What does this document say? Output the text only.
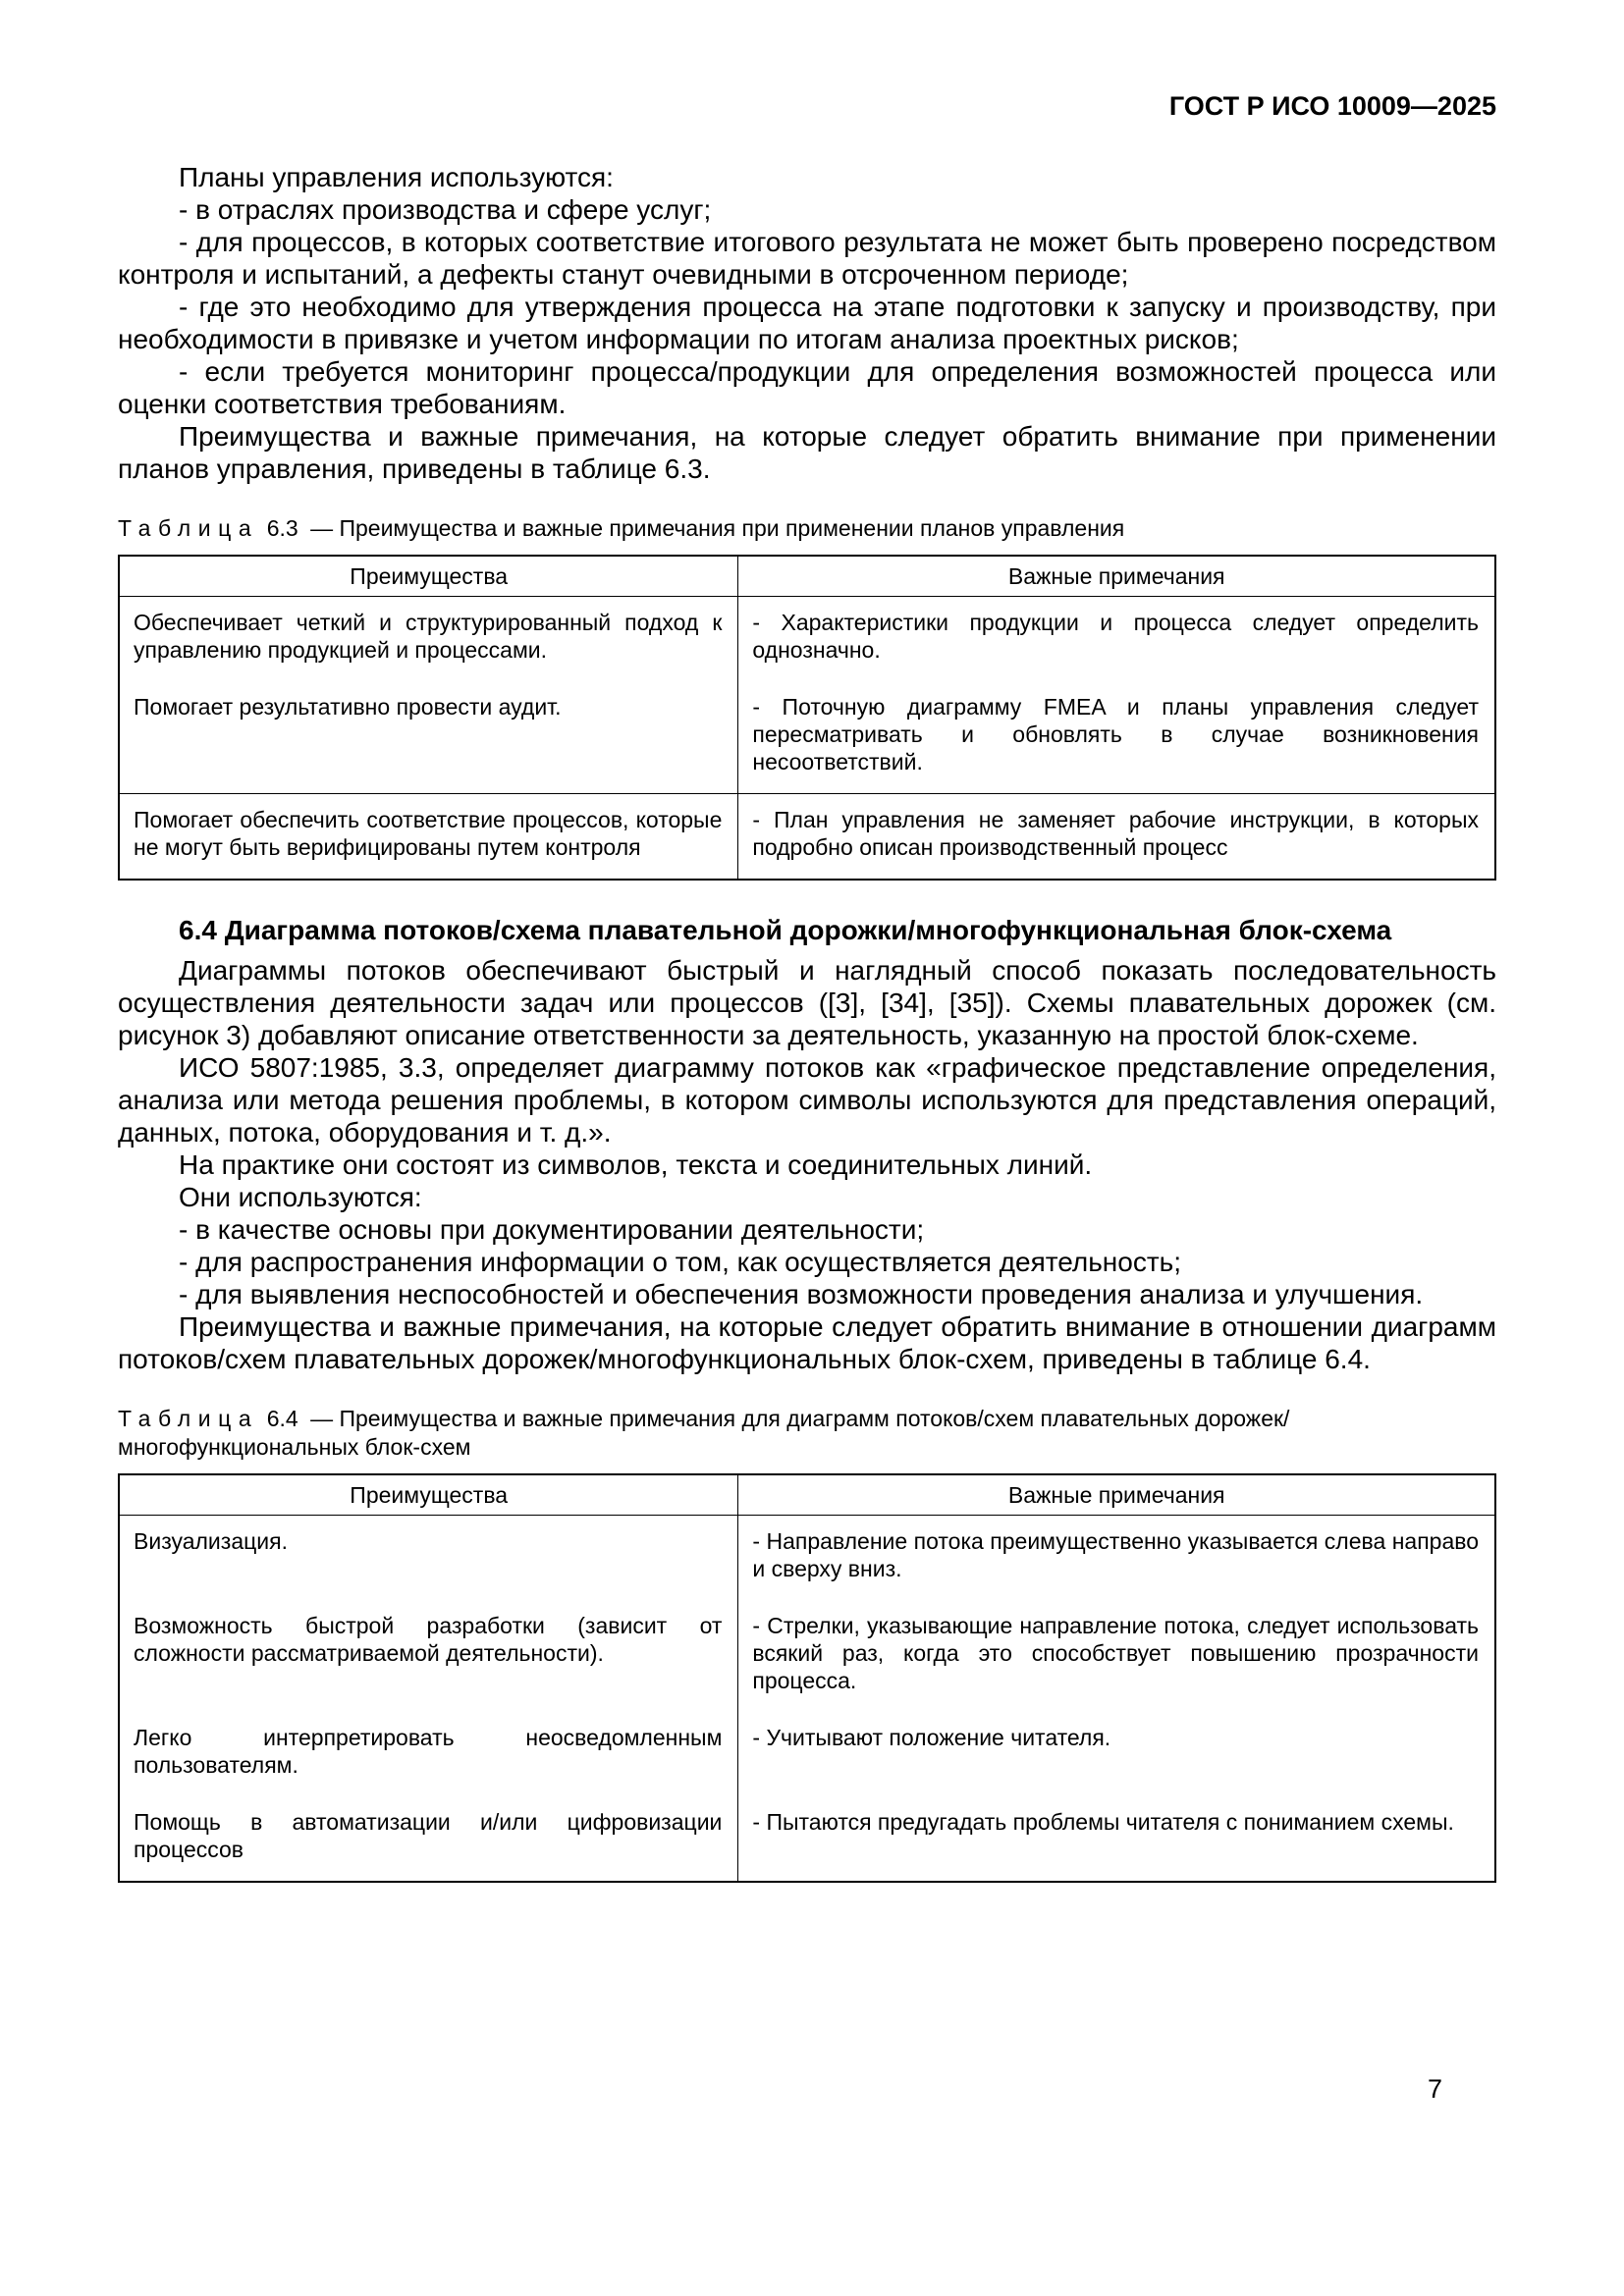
ГОСТ Р ИСО 10009—2025

Планы управления используются:

- в отраслях производства и сфере услуг;

- для процессов, в которых соответствие итогового результата не может быть проверено посредством контроля и испытаний, а дефекты станут очевидными в отсроченном периоде;

- где это необходимо для утверждения процесса на этапе подготовки к запуску и производству, при необходимости в привязке и учетом информации по итогам анализа проектных рисков;

- если требуется мониторинг процесса/продукции для определения возможностей процесса или оценки соответствия требованиям.

Преимущества и важные примечания, на которые следует обратить внимание при применении планов управления, приведены в таблице 6.3.

Таблица 6.3 — Преимущества и важные примечания при применении планов управления

Преимущества	Важные примечания
Обеспечивает четкий и структурированный подход к управлению продукцией и процессами.	- Характеристики продукции и процесса следует определить однозначно.
Помогает результативно провести аудит.	- Поточную диаграмму FMEA и планы управления следует пересматривать и обновлять в случае возникновения несоответствий.
Помогает обеспечить соответствие процессов, которые не могут быть верифицированы путем контроля	- План управления не заменяет рабочие инструкции, в которых подробно описан производственный процесс

6.4 Диаграмма потоков/схема плавательной дорожки/многофункциональная блок-схема

Диаграммы потоков обеспечивают быстрый и наглядный способ показать последовательность осуществления деятельности задач или процессов ([3], [34], [35]). Схемы плавательных дорожек (см. рисунок 3) добавляют описание ответственности за деятельность, указанную на простой блок-схеме.

ИСО 5807:1985, 3.3, определяет диаграмму потоков как «графическое представление определения, анализа или метода решения проблемы, в котором символы используются для представления операций, данных, потока, оборудования и т. д.».

На практике они состоят из символов, текста и соединительных линий.

Они используются:

- в качестве основы при документировании деятельности;

- для распространения информации о том, как осуществляется деятельность;

- для выявления неспособностей и обеспечения возможности проведения анализа и улучшения.

Преимущества и важные примечания, на которые следует обратить внимание в отношении диаграмм потоков/схем плавательных дорожек/многофункциональных блок-схем, приведены в таблице 6.4.

Таблица 6.4 — Преимущества и важные примечания для диаграмм потоков/схем плавательных дорожек/многофункциональных блок-схем

Преимущества	Важные примечания
Визуализация.	- Направление потока преимущественно указывается слева направо и сверху вниз.
Возможность быстрой разработки (зависит от сложности рассматриваемой деятельности).	- Стрелки, указывающие направление потока, следует использовать всякий раз, когда это способствует повышению прозрачности процесса.
Легко интерпретировать неосведомленным пользователям.	- Учитывают положение читателя.
Помощь в автоматизации и/или цифровизации процессов	- Пытаются предугадать проблемы читателя с пониманием схемы.
7
